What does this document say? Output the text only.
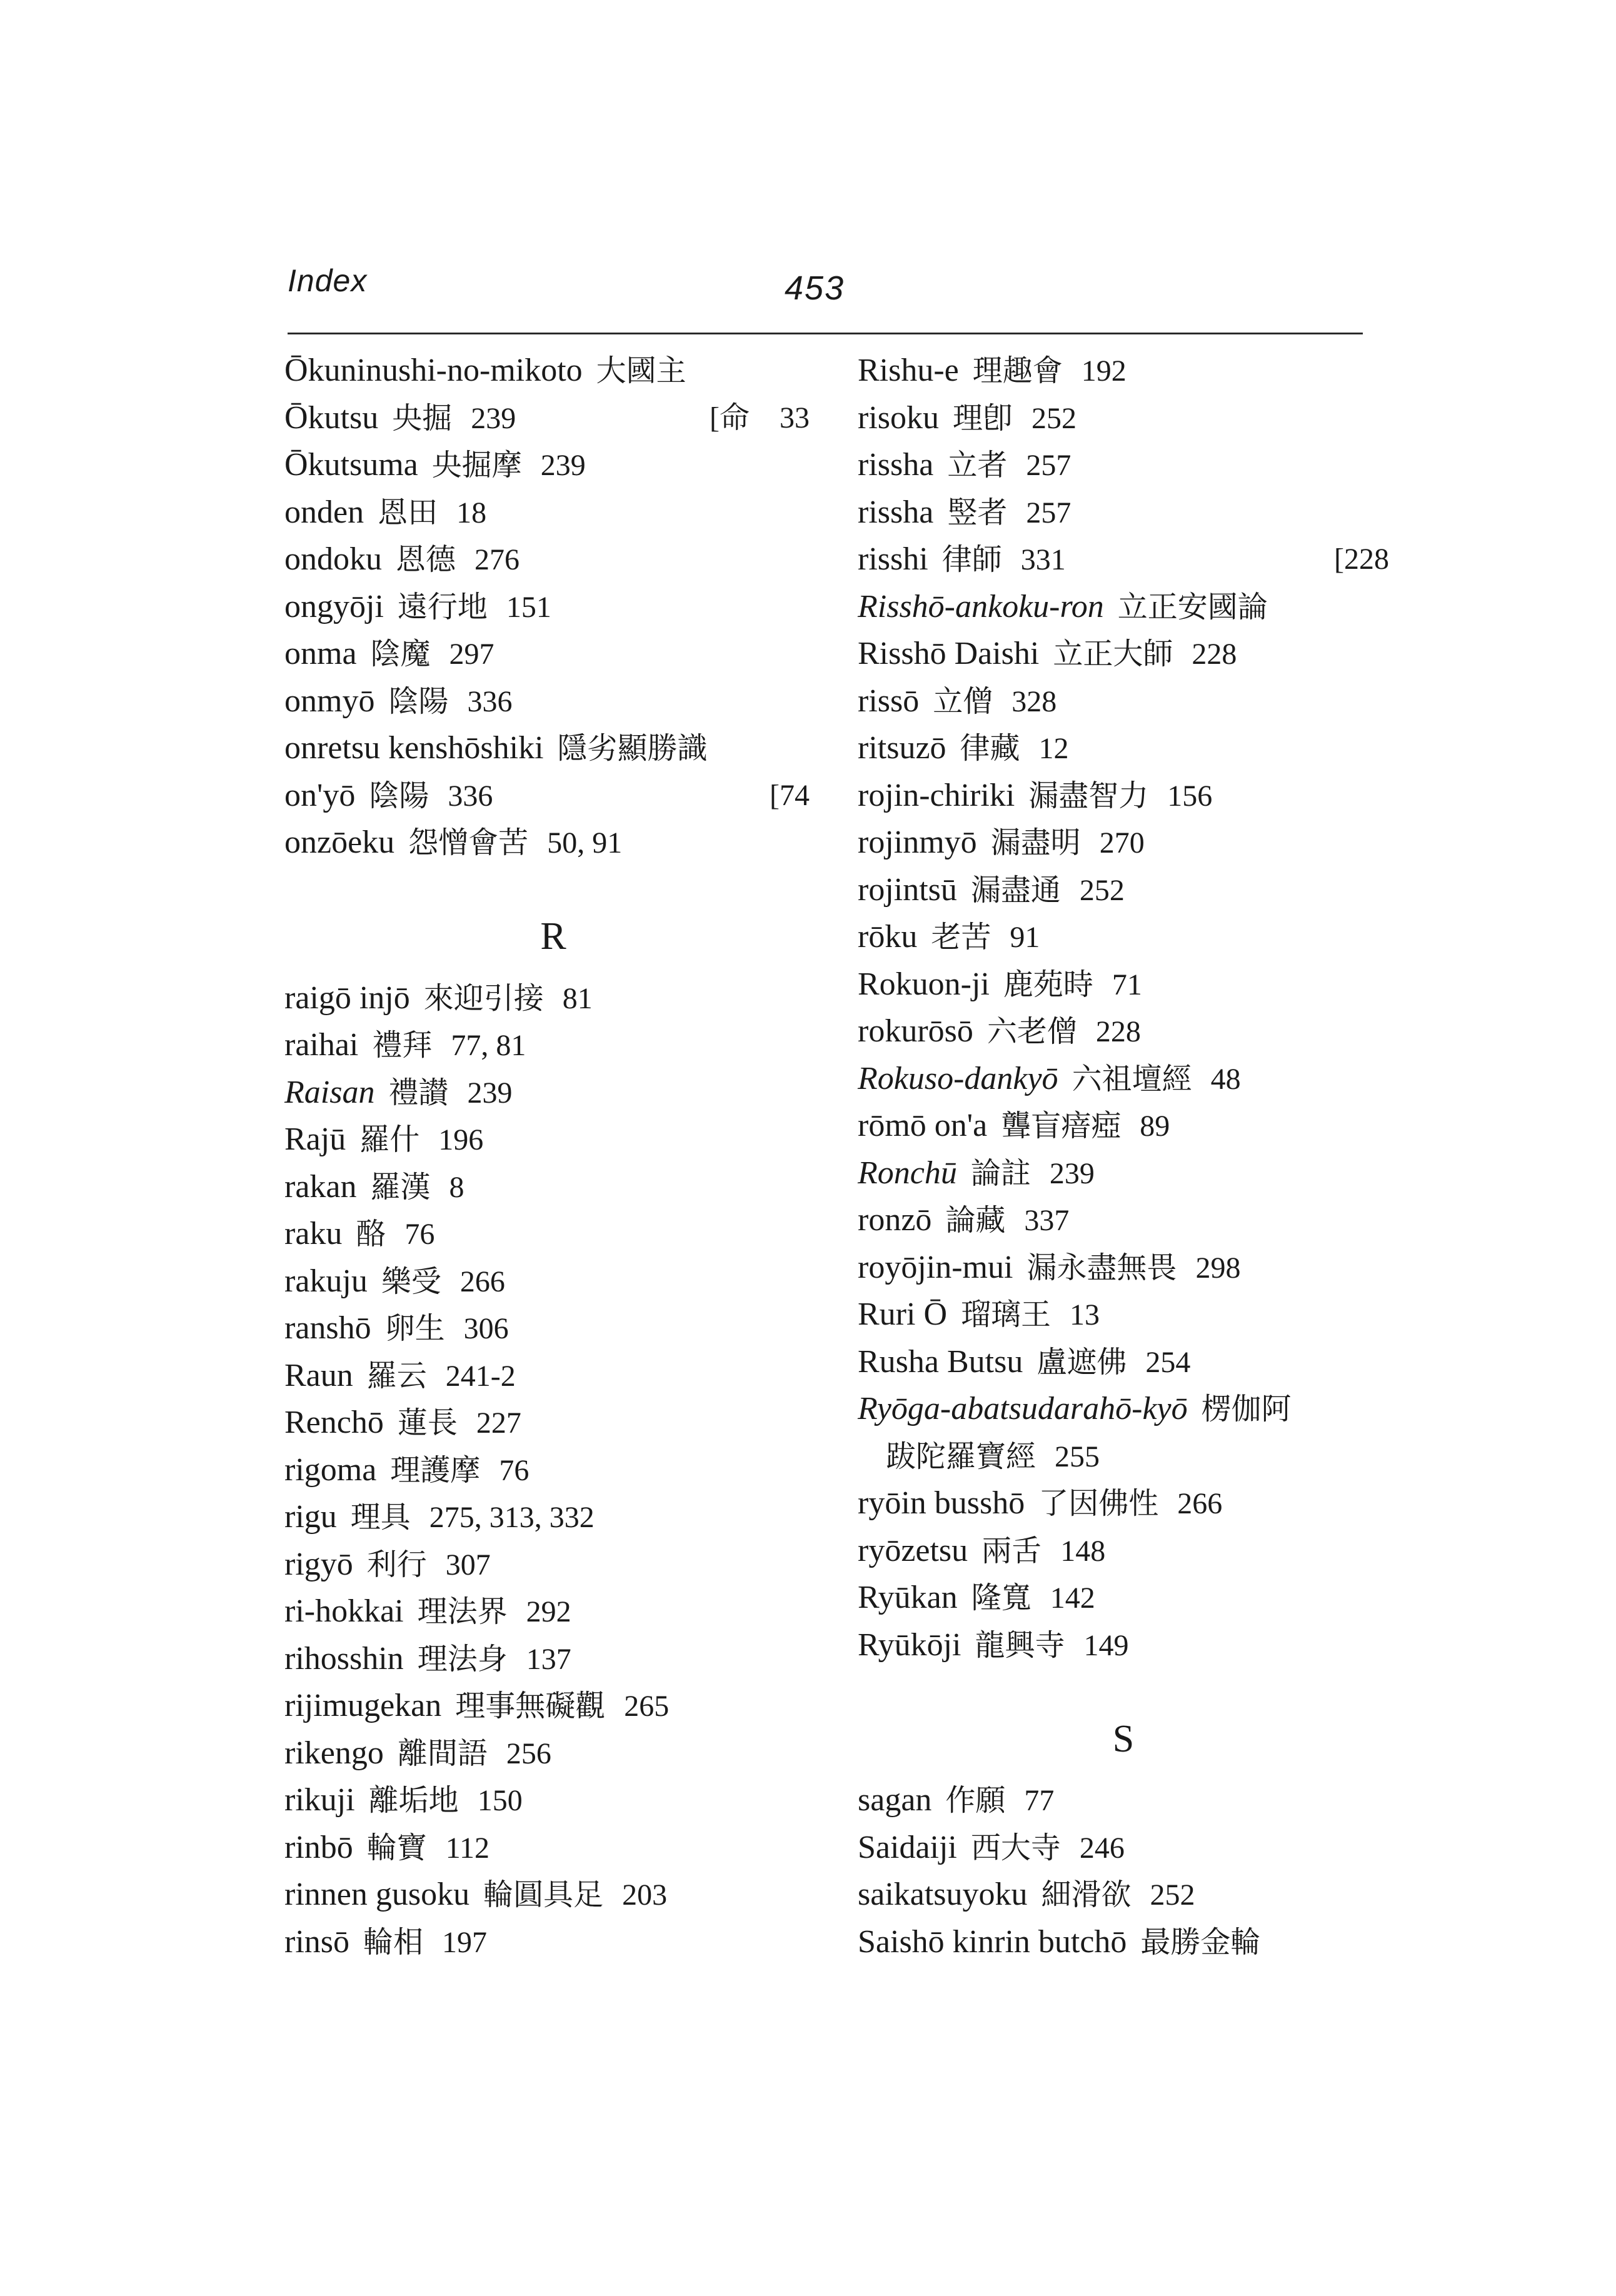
Index	453
Ōkuninushi-no-mikoto 大國主
Ōkutsu 央掘 239	[命　33
Ōkutsuma 央掘摩 239
onden 恩田 18
ondoku 恩德 276
ongyōji 遠行地 151
onma 陰魔 297
onmyō 陰陽 336
onretsu kenshōshiki 隱劣顯勝識
on'yō 陰陽 336	[74
onzōeku 怨憎會苦 50, 91
R
raigō injō 來迎引接 81
raihai 禮拜 77, 81
Raisan 禮讃 239
Rajū 羅什 196
rakan 羅漢 8
raku 酪 76
rakuju 樂受 266
ranshō 卵生 306
Raun 羅云 241-2
Renchō 蓮長 227
rigoma 理護摩 76
rigu 理具 275, 313, 332
rigyō 利行 307
ri-hokkai 理法界 292
rihosshin 理法身 137
rijimugekan 理事無礙觀 265
rikengo 離間語 256
rikuji 離垢地 150
rinbō 輪寶 112
rinnen gusoku 輪圓具足 203
rinsō 輪相 197
Rishu-e 理趣會 192
risoku 理卽 252
rissha 立者 257
rissha 竪者 257
risshi 律師 331	[228
Risshō-ankoku-ron 立正安國論
Risshō Daishi 立正大師 228
rissō 立僧 328
ritsuzō 律藏 12
rojin-chiriki 漏盡智力 156
rojinmyō 漏盡明 270
rojintsū 漏盡通 252
rōku 老苦 91
Rokuon-ji 鹿苑時 71
rokurōsō 六老僧 228
Rokuso-dankyō 六祖壇經 48
rōmō on'a 聾盲瘖瘂 89
Ronchū 論註 239
ronzō 論藏 337
royōjin-mui 漏永盡無畏 298
Ruri Ō 瑠璃王 13
Rusha Butsu 盧遮佛 254
Ryōga-abatsudarahō-kyō 楞伽阿
跋陀羅寶經 255
ryōin busshō 了因佛性 266
ryōzetsu 兩舌 148
Ryūkan 隆寬 142
Ryūkōji 龍興寺 149
S
sagan 作願 77
Saidaiji 西大寺 246
saikatsuyoku 細滑欲 252
Saishō kinrin butchō 最勝金輪
